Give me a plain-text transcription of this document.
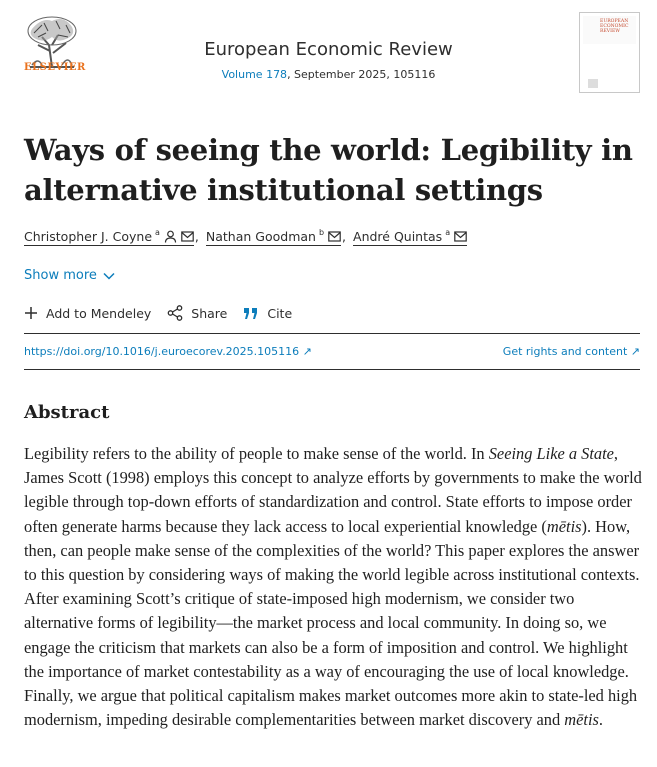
ELSEVIER
European Economic Review
Volume 178, September 2025, 105116
EUROPEAN ECONOMIC REVIEW
Ways of seeing the world: Legibility in alternative institutional settings
Christopher J. Coyne $^a$	, Nathan Goodman $^b$ , André Quintas $^a$
Show more
Add to Mendeley	Share	Cite
https://doi.org/10.1016/j.euroecorev.2025.105116 ↗	Get rights and content ↗
Abstract

Legibility refers to the ability of people to make sense of the world. In Seeing Like a State, James Scott (1998) employs this concept to analyze efforts by governments to make the world legible through top-down efforts of standardization and control. State efforts to impose order often generate harms because they lack access to local experiential knowledge (mētis). How, then, can people make sense of the complexities of the world? This paper explores the answer to this question by considering ways of making the world legible across institutional contexts. After examining Scott’s critique of state-imposed high modernism, we consider two alternative forms of legibility—the market process and local community. In doing so, we engage the criticism that markets can also be a form of imposition and control. We highlight the importance of market contestability as a way of encouraging the use of local knowledge. Finally, we argue that political capitalism makes market outcomes more akin to state-led high modernism, impeding desirable complementarities between market discovery and mētis.
